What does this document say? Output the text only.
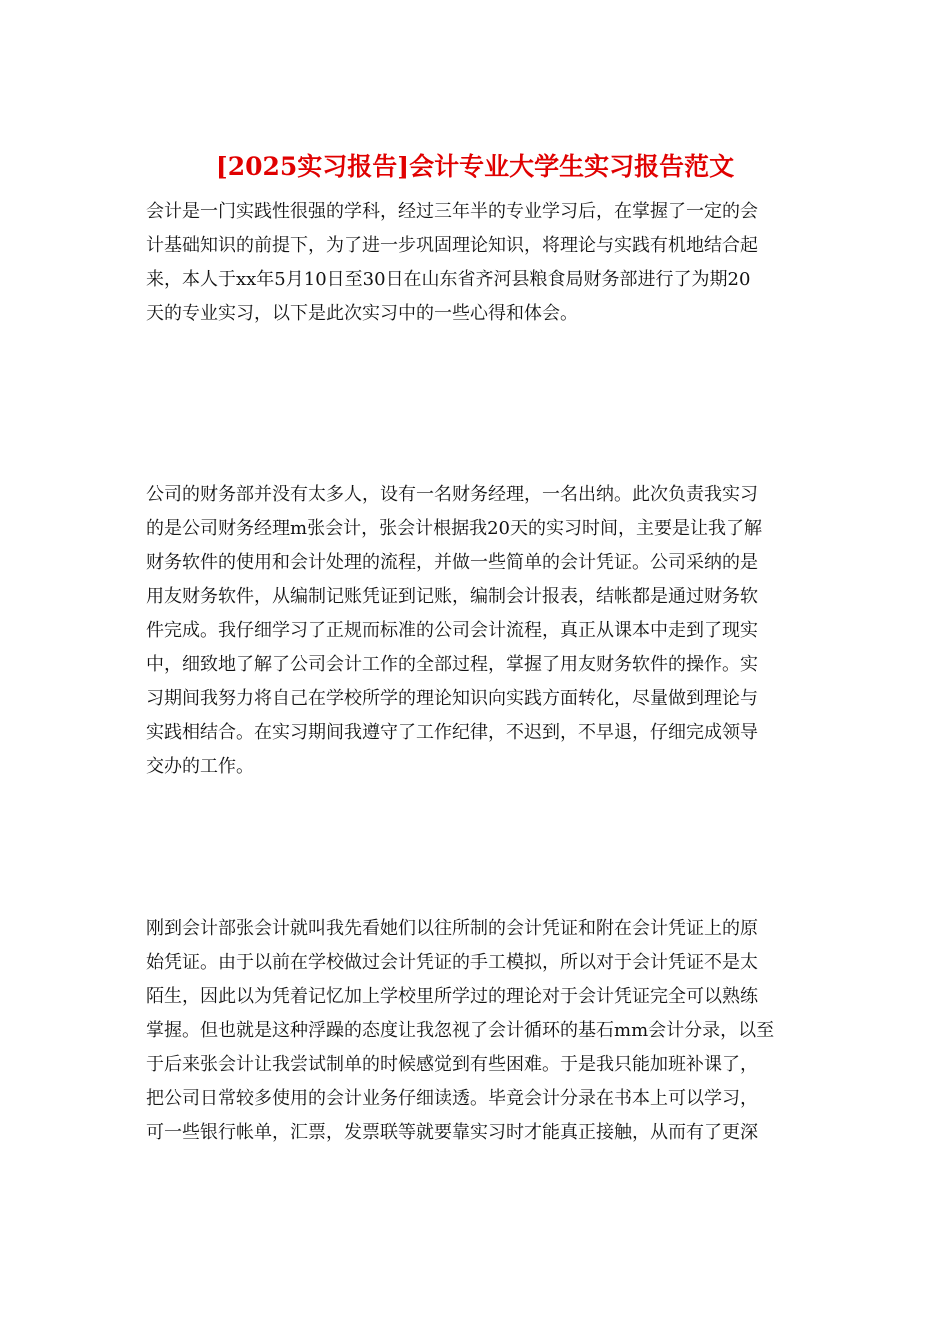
[2025实习报告]会计专业大学生实习报告范文
会计是一门实践性很强的学科，经过三年半的专业学习后，在掌握了一定的会
计基础知识的前提下，为了进一步巩固理论知识，将理论与实践有机地结合起
来，本人于xx年5月10日至30日在山东省齐河县粮食局财务部进行了为期20
天的专业实习，以下是此次实习中的一些心得和体会。
公司的财务部并没有太多人，设有一名财务经理，一名出纳。此次负责我实习
的是公司财务经理m张会计，张会计根据我20天的实习时间，主要是让我了解
财务软件的使用和会计处理的流程，并做一些简单的会计凭证。公司采纳的是
用友财务软件，从编制记账凭证到记账，编制会计报表，结帐都是通过财务软
件完成。我仔细学习了正规而标准的公司会计流程，真正从课本中走到了现实
中，细致地了解了公司会计工作的全部过程，掌握了用友财务软件的操作。实
习期间我努力将自己在学校所学的理论知识向实践方面转化，尽量做到理论与
实践相结合。在实习期间我遵守了工作纪律，不迟到，不早退，仔细完成领导
交办的工作。
刚到会计部张会计就叫我先看她们以往所制的会计凭证和附在会计凭证上的原
始凭证。由于以前在学校做过会计凭证的手工模拟，所以对于会计凭证不是太
陌生，因此以为凭着记忆加上学校里所学过的理论对于会计凭证完全可以熟练
掌握。但也就是这种浮躁的态度让我忽视了会计循环的基石mm会计分录，以至
于后来张会计让我尝试制单的时候感觉到有些困难。于是我只能加班补课了，
把公司日常较多使用的会计业务仔细读透。毕竟会计分录在书本上可以学习，
可一些银行帐单，汇票，发票联等就要靠实习时才能真正接触，从而有了更深
